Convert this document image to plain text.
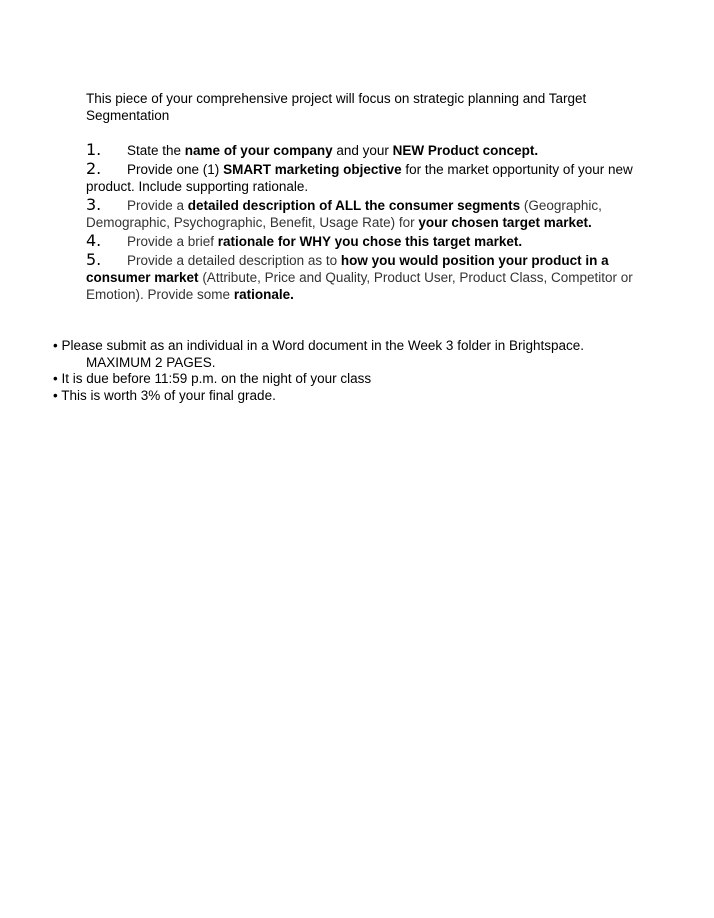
This piece of your comprehensive project will focus on strategic planning and Target Segmentation
1. State the name of your company and your NEW Product concept.
2. Provide one (1) SMART marketing objective for the market opportunity of your new product. Include supporting rationale.
3. Provide a detailed description of ALL the consumer segments (Geographic, Demographic, Psychographic, Benefit, Usage Rate) for your chosen target market.
4. Provide a brief rationale for WHY you chose this target market.
5. Provide a detailed description as to how you would position your product in a consumer market (Attribute, Price and Quality, Product User, Product Class, Competitor or Emotion). Provide some rationale.
• Please submit as an individual in a Word document in the Week 3 folder in Brightspace.
MAXIMUM 2 PAGES.
• It is due before 11:59 p.m. on the night of your class
• This is worth 3% of your final grade.
